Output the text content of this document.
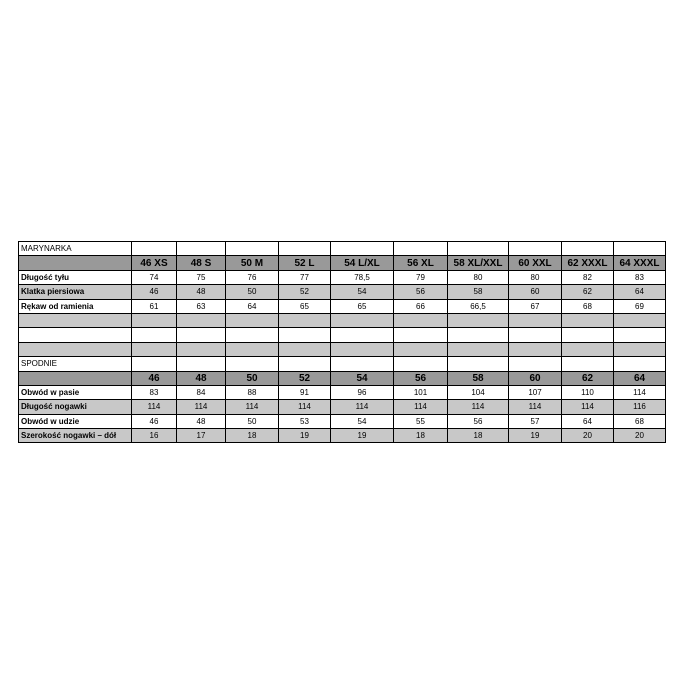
MARYNARKA										
	46 XS	48 S	50 M	52 L	54 L/XL	56 XL	58 XL/XXL	60 XXL	62 XXXL	64 XXXL
Długość tyłu	74	75	76	77	78,5	79	80	80	82	83
Klatka piersiowa	46	48	50	52	54	56	58	60	62	64
Rękaw od ramienia	61	63	64	65	65	66	66,5	67	68	69

SPODNIE										
	46	48	50	52	54	56	58	60	62	64
Obwód w pasie	83	84	88	91	96	101	104	107	110	114
Długość nogawki	114	114	114	114	114	114	114	114	114	116
Obwód w udzie	46	48	50	53	54	55	56	57	64	68
Szerokość nogawki – dół	16	17	18	19	19	18	18	19	20	20
